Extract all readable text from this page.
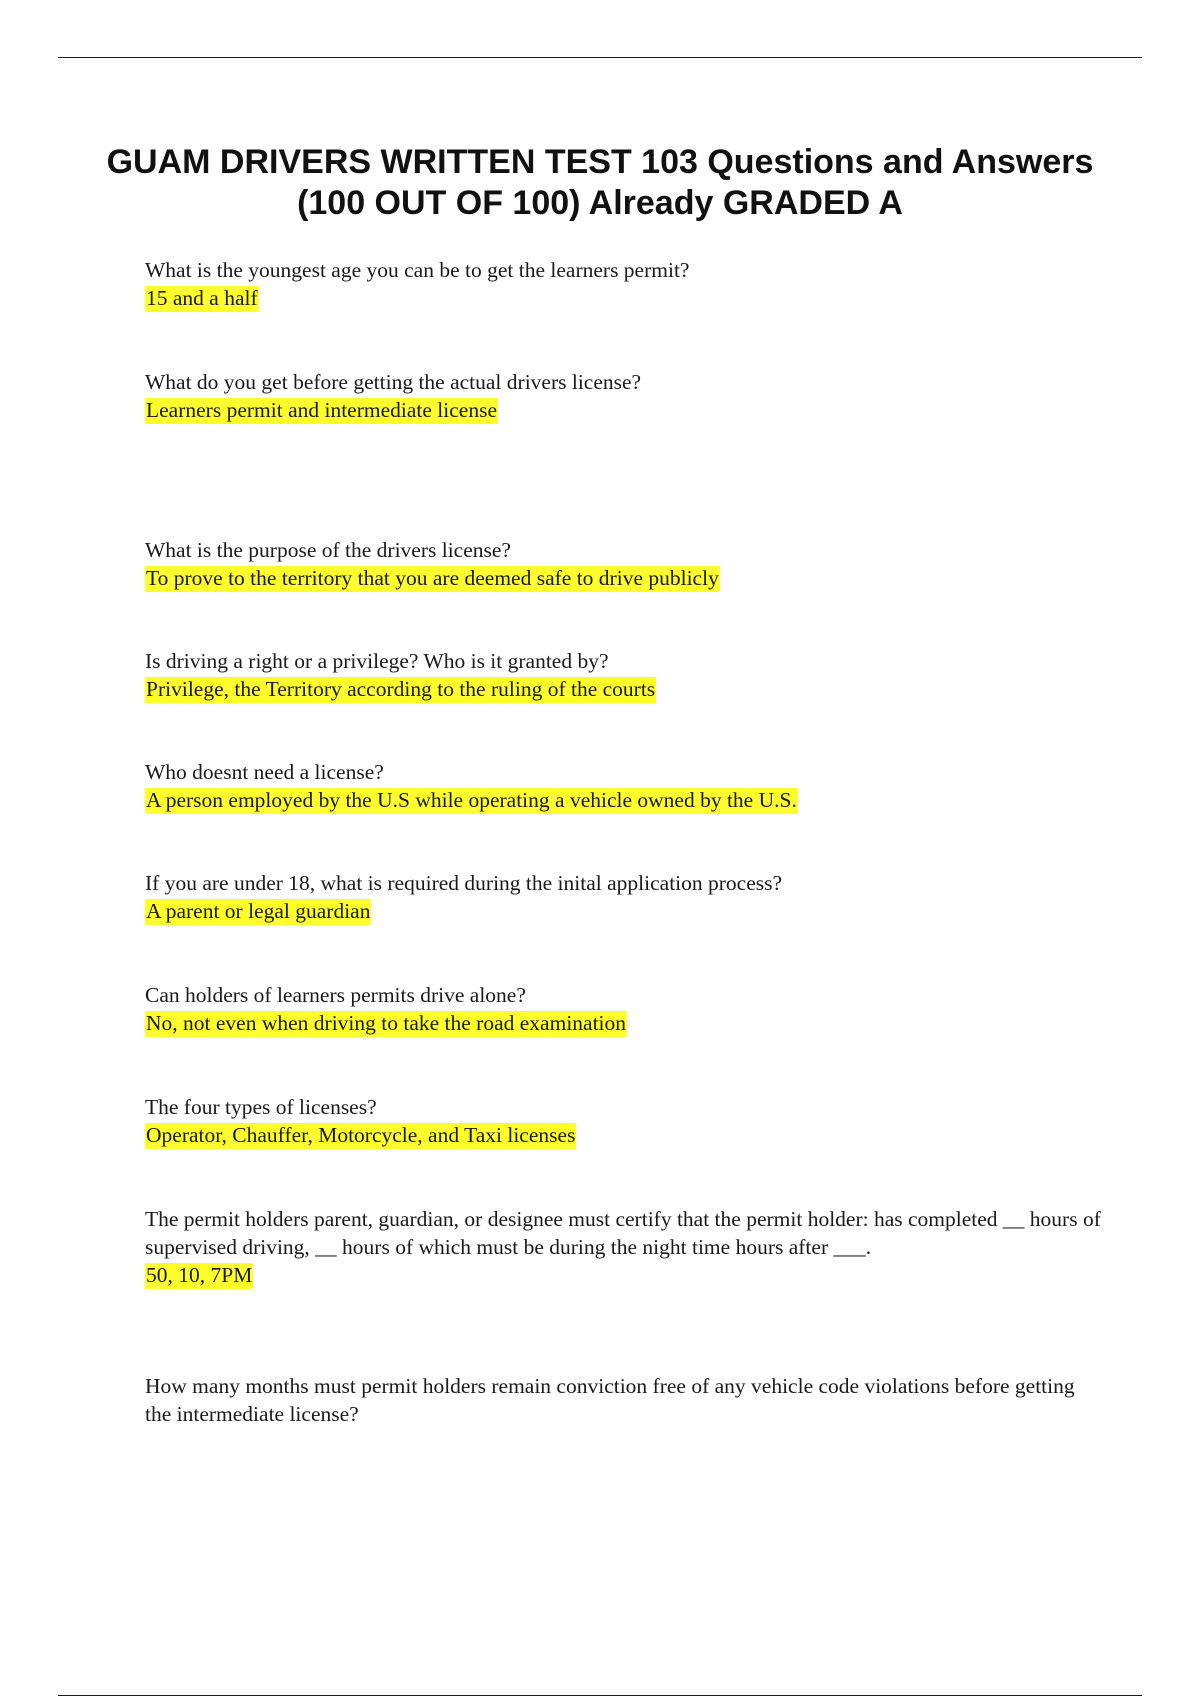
GUAM DRIVERS WRITTEN TEST 103 Questions and Answers (100 OUT OF 100) Already GRADED A
What is the youngest age you can be to get the learners permit?
15 and a half
What do you get before getting the actual drivers license?
Learners permit and intermediate license
What is the purpose of the drivers license?
To prove to the territory that you are deemed safe to drive publicly
Is driving a right or a privilege? Who is it granted by?
Privilege, the Territory according to the ruling of the courts
Who doesnt need a license?
A person employed by the U.S while operating a vehicle owned by the U.S.
If you are under 18, what is required during the inital application process?
A parent or legal guardian
Can holders of learners permits drive alone?
No, not even when driving to take the road examination
The four types of licenses?
Operator, Chauffer, Motorcycle, and Taxi licenses
The permit holders parent, guardian, or designee must certify that the permit holder: has completed __ hours of supervised driving, __ hours of which must be during the night time hours after ___.
50, 10, 7PM
How many months must permit holders remain conviction free of any vehicle code violations before getting the intermediate license?
